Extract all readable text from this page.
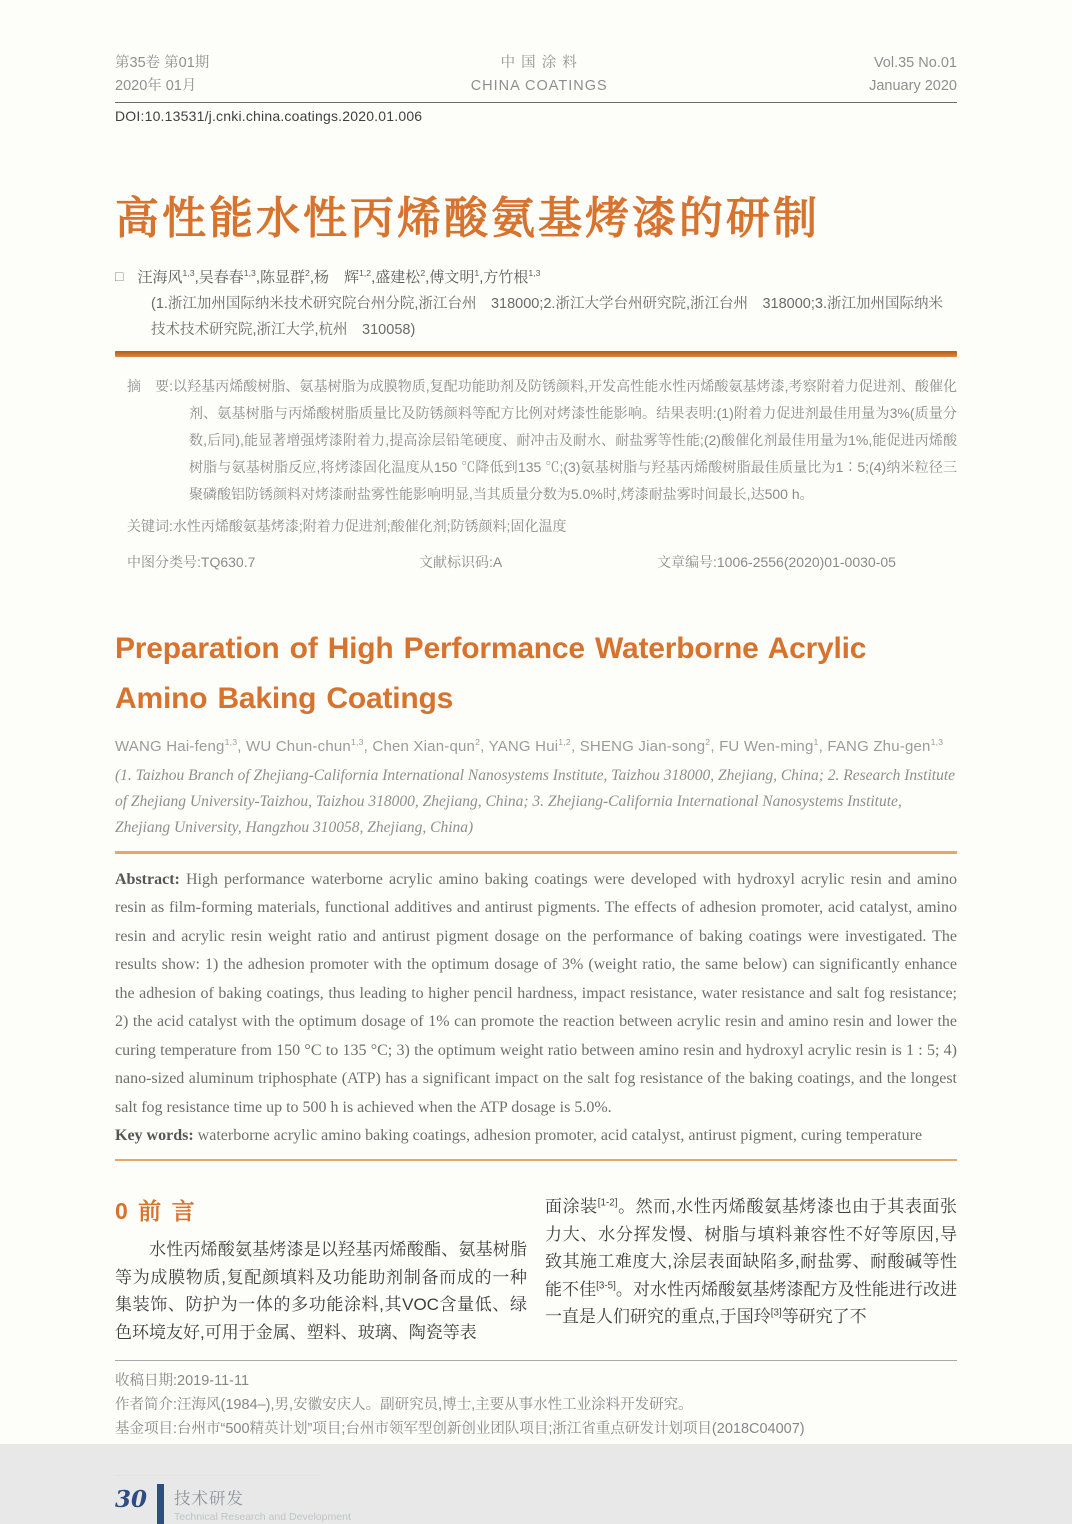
第35卷 第01期
2020年 01月
中 国 涂 料
CHINA COATINGS
Vol.35 No.01
January 2020
DOI:10.13531/j.cnki.china.coatings.2020.01.006
高性能水性丙烯酸氨基烤漆的研制
□ 汪海风$^{1,3}$,吴春春$^{1,3}$,陈显群$^2$,杨　辉$^{1,2}$,盛建松$^2$,傅文明$^1$,方竹根$^{1,3}$

(1.浙江加州国际纳米技术研究院台州分院,浙江台州　318000;2.浙江大学台州研究院,浙江台州　318000;3.浙江加州国际纳米技术技术研究院,浙江大学,杭州　310058)

摘　要:以羟基丙烯酸树脂、氨基树脂为成膜物质,复配功能助剂及防锈颜料,开发高性能水性丙烯酸氨基烤漆,考察附着力促进剂、酸催化剂、氨基树脂与丙烯酸树脂质量比及防锈颜料等配方比例对烤漆性能影响。结果表明:(1)附着力促进剂最佳用量为3%(质量分数,后同),能显著增强烤漆附着力,提高涂层铅笔硬度、耐冲击及耐水、耐盐雾等性能;(2)酸催化剂最佳用量为1%,能促进丙烯酸树脂与氨基树脂反应,将烤漆固化温度从150 ℃降低到135 ℃;(3)氨基树脂与羟基丙烯酸树脂最佳质量比为1∶5;(4)纳米粒径三聚磷酸铝防锈颜料对烤漆耐盐雾性能影响明显,当其质量分数为5.0%时,烤漆耐盐雾时间最长,达500 h。

关键词:水性丙烯酸氨基烤漆;附着力促进剂;酸催化剂;防锈颜料;固化温度

中图分类号:TQ630.7	文献标识码:A	文章编号:1006-2556(2020)01-0030-05
Preparation of High Performance Waterborne Acrylic Amino Baking Coatings
WANG Hai-feng$^{1,3}$, WU Chun-chun$^{1,3}$, Chen Xian-qun$^2$, YANG Hui$^{1,2}$, SHENG Jian-song$^2$, FU Wen-ming$^1$, FANG Zhu-gen$^{1,3}$

(1. Taizhou Branch of Zhejiang-California International Nanosystems Institute, Taizhou 318000, Zhejiang, China; 2. Research Institute of Zhejiang University-Taizhou, Taizhou 318000, Zhejiang, China; 3. Zhejiang-California International Nanosystems Institute, Zhejiang University, Hangzhou 310058, Zhejiang, China)

Abstract: High performance waterborne acrylic amino baking coatings were developed with hydroxyl acrylic resin and amino resin as film-forming materials, functional additives and antirust pigments. The effects of adhesion promoter, acid catalyst, amino resin and acrylic resin weight ratio and antirust pigment dosage on the performance of baking coatings were investigated. The results show: 1) the adhesion promoter with the optimum dosage of 3% (weight ratio, the same below) can significantly enhance the adhesion of baking coatings, thus leading to higher pencil hardness, impact resistance, water resistance and salt fog resistance; 2) the acid catalyst with the optimum dosage of 1% can promote the reaction between acrylic resin and amino resin and lower the curing temperature from 150 °C to 135 °C; 3) the optimum weight ratio between amino resin and hydroxyl acrylic resin is 1 : 5; 4) nano-sized aluminum triphosphate (ATP) has a significant impact on the salt fog resistance of the baking coatings, and the longest salt fog resistance time up to 500 h is achieved when the ATP dosage is 5.0%.

Key words: waterborne acrylic amino baking coatings, adhesion promoter, acid catalyst, antirust pigment, curing temperature

0 前 言

水性丙烯酸氨基烤漆是以羟基丙烯酸酯、氨基树脂等为成膜物质,复配颜填料及功能助剂制备而成的一种集装饰、防护为一体的多功能涂料,其VOC含量低、绿色环境友好,可用于金属、塑料、玻璃、陶瓷等表

面涂装[1-2]。然而,水性丙烯酸氨基烤漆也由于其表面张力大、水分挥发慢、树脂与填料兼容性不好等原因,导致其施工难度大,涂层表面缺陷多,耐盐雾、耐酸碱等性能不佳[3-5]。对水性丙烯酸氨基烤漆配方及性能进行改进一直是人们研究的重点,于国玲[3]等研究了不

收稿日期:2019-11-11
作者简介:汪海风(1984–),男,安徽安庆人。副研究员,博士,主要从事水性工业涂料开发研究。
基金项目:台州市“500精英计划”项目;台州市领军型创新创业团队项目;浙江省重点研发计划项目(2018C04007)
30 技术研发
Technical Research and Development
